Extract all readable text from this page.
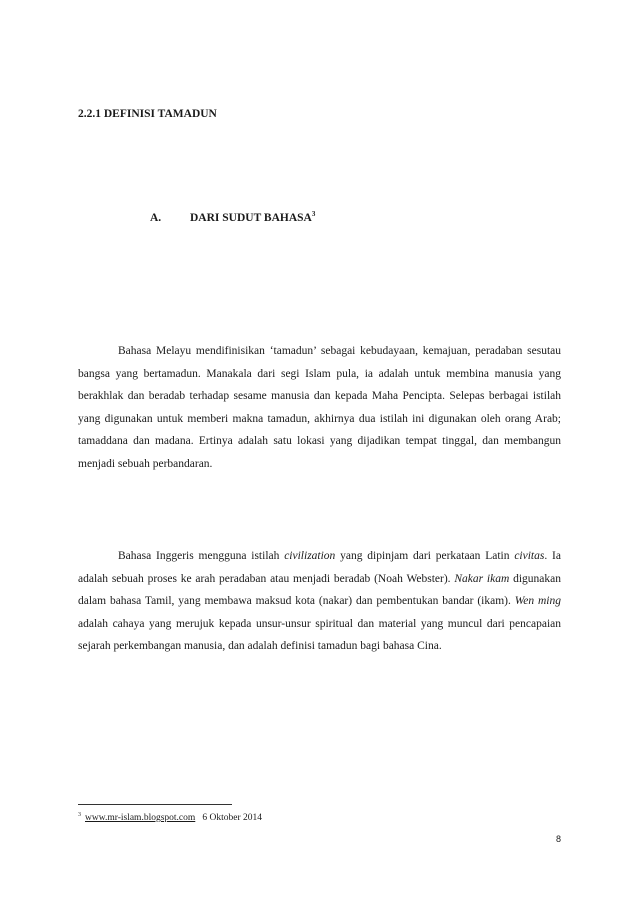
2.2.1 DEFINISI TAMADUN
A.	DARI SUDUT BAHASA$^3$

Bahasa Melayu mendifinisikan ‘tamadun’ sebagai kebudayaan, kemajuan, peradaban sesutau bangsa yang bertamadun. Manakala dari segi Islam pula, ia adalah untuk membina manusia yang berakhlak dan beradab terhadap sesame manusia dan kepada Maha Pencipta. Selepas berbagai istilah yang digunakan untuk memberi makna tamadun, akhirnya dua istilah ini digunakan oleh orang Arab; tamaddana dan madana. Ertinya adalah satu lokasi yang dijadikan tempat tinggal, dan membangun menjadi sebuah perbandaran.

Bahasa Inggeris mengguna istilah civilization yang dipinjam dari perkataan Latin civitas. Ia adalah sebuah proses ke arah peradaban atau menjadi beradab (Noah Webster). Nakar ikam digunakan dalam bahasa Tamil, yang membawa maksud kota (nakar) dan pembentukan bandar (ikam). Wen ming adalah cahaya yang merujuk kepada unsur-unsur spiritual dan material yang muncul dari pencapaian sejarah perkembangan manusia, dan adalah definisi tamadun bagi bahasa Cina.

$^3$ www.mr-islam.blogspot.com 6 Oktober 2014
8
